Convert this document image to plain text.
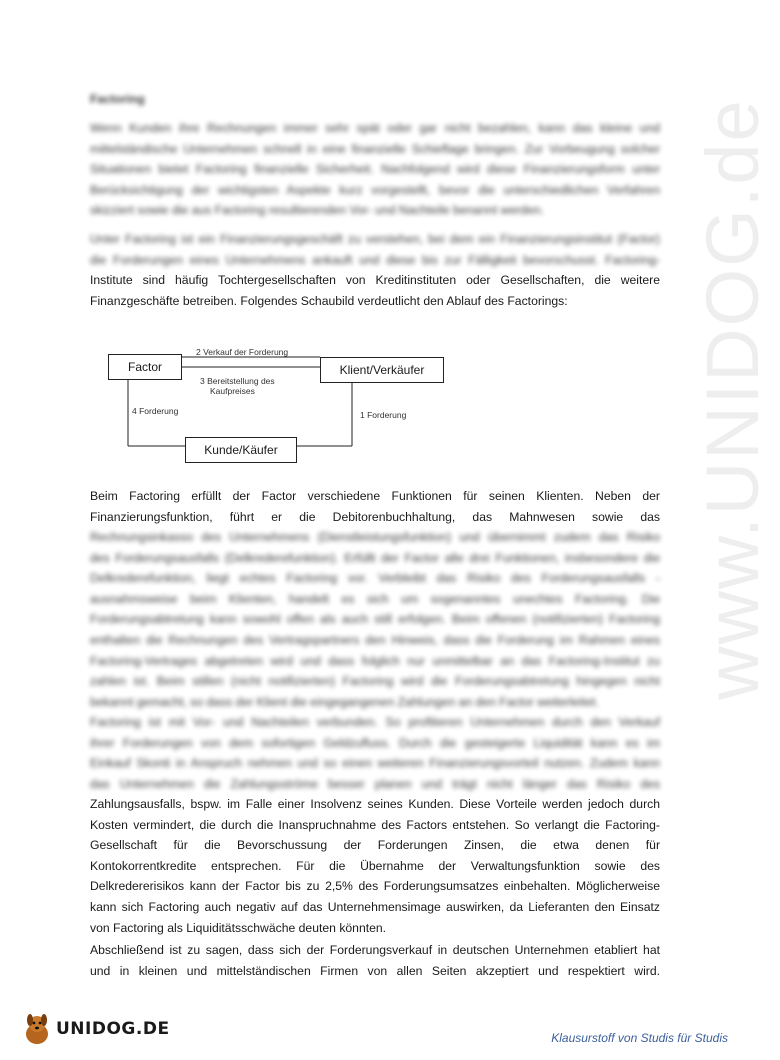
www.UNIDOG.de
Factoring
Wenn Kunden ihre Rechnungen immer sehr spät oder gar nicht bezahlen, kann das kleine und
mittelständische Unternehmen schnell in eine finanzielle Schieflage bringen. Zur Vorbeugung solcher
Situationen bietet Factoring finanzielle Sicherheit. Nachfolgend wird diese Finanzierungsform unter
Berücksichtigung der wichtigsten Aspekte kurz vorgestellt, bevor die unterschiedlichen Verfahren
skizziert sowie die aus Factoring resultierenden Vor- und Nachteile benannt werden.
Unter Factoring ist ein Finanzierungsgeschäft zu verstehen, bei dem ein Finanzierungsinstitut (Factor)
die Forderungen eines Unternehmens ankauft und diese bis zur Fälligkeit bevorschusst. Factoring-
Institute sind häufig Tochtergesellschaften von Kreditinstituten oder Gesellschaften, die weitere
Finanzgeschäfte betreiben. Folgendes Schaubild verdeutlicht den Ablauf des Factorings:
Factor	Klient/Verkäufer
Kunde/Käufer
2 Verkauf der Forderung
3 Bereitstellung des
Kaufpreises
4 Forderung	1 Forderung
Beim Factoring erfüllt der Factor verschiedene Funktionen für seinen Klienten. Neben der
Finanzierungsfunktion, führt er die Debitorenbuchhaltung, das Mahnwesen sowie das
Rechnungsinkasso des Unternehmens (Dienstleistungsfunktion) und übernimmt zudem das Risiko
des Forderungsausfalls (Delkrederefunktion). Erfüllt der Factor alle drei Funktionen, insbesondere die
Delkrederefunktion, liegt echtes Factoring vor. Verbleibt das Risiko des Forderungsausfalls -
ausnahmsweise beim Klienten, handelt es sich um sogenanntes unechtes Factoring. Die
Forderungsabtretung kann sowohl offen als auch still erfolgen. Beim offenen (notifizierten) Factoring
enthalten die Rechnungen des Vertragspartners den Hinweis, dass die Forderung im Rahmen eines
Factoring-Vertrages abgetreten wird und dass folglich nur unmittelbar an das Factoring-Institut zu
zahlen ist. Beim stillen (nicht notifizierten) Factoring wird die Forderungsabtretung hingegen nicht
bekannt gemacht, so dass der Klient die eingegangenen Zahlungen an den Factor weiterleitet.
Factoring ist mit Vor- und Nachteilen verbunden. So profitieren Unternehmen durch den Verkauf
ihrer Forderungen von dem sofortigen Geldzufluss. Durch die gesteigerte Liquidität kann es im
Einkauf Skonti in Anspruch nehmen und so einen weiteren Finanzierungsvorteil nutzen. Zudem kann
das Unternehmen die Zahlungsströme besser planen und trägt nicht länger das Risiko des
Zahlungsausfalls, bspw. im Falle einer Insolvenz seines Kunden. Diese Vorteile werden jedoch durch
Kosten vermindert, die durch die Inanspruchnahme des Factors entstehen. So verlangt die Factoring-
Gesellschaft für die Bevorschussung der Forderungen Zinsen, die etwa denen für
Kontokorrentkredite entsprechen. Für die Übernahme der Verwaltungsfunktion sowie des
Delkredererisikos kann der Factor bis zu 2,5% des Forderungsumsatzes einbehalten. Möglicherweise
kann sich Factoring auch negativ auf das Unternehmensimage auswirken, da Lieferanten den Einsatz
von Factoring als Liquiditätsschwäche deuten könnten.
Abschließend ist zu sagen, dass sich der Forderungsverkauf in deutschen Unternehmen etabliert hat
und in kleinen und mittelständischen Firmen von allen Seiten akzeptiert und respektiert wird.
UNIDOG.DE	Klausurstoff von Studis für Studis
